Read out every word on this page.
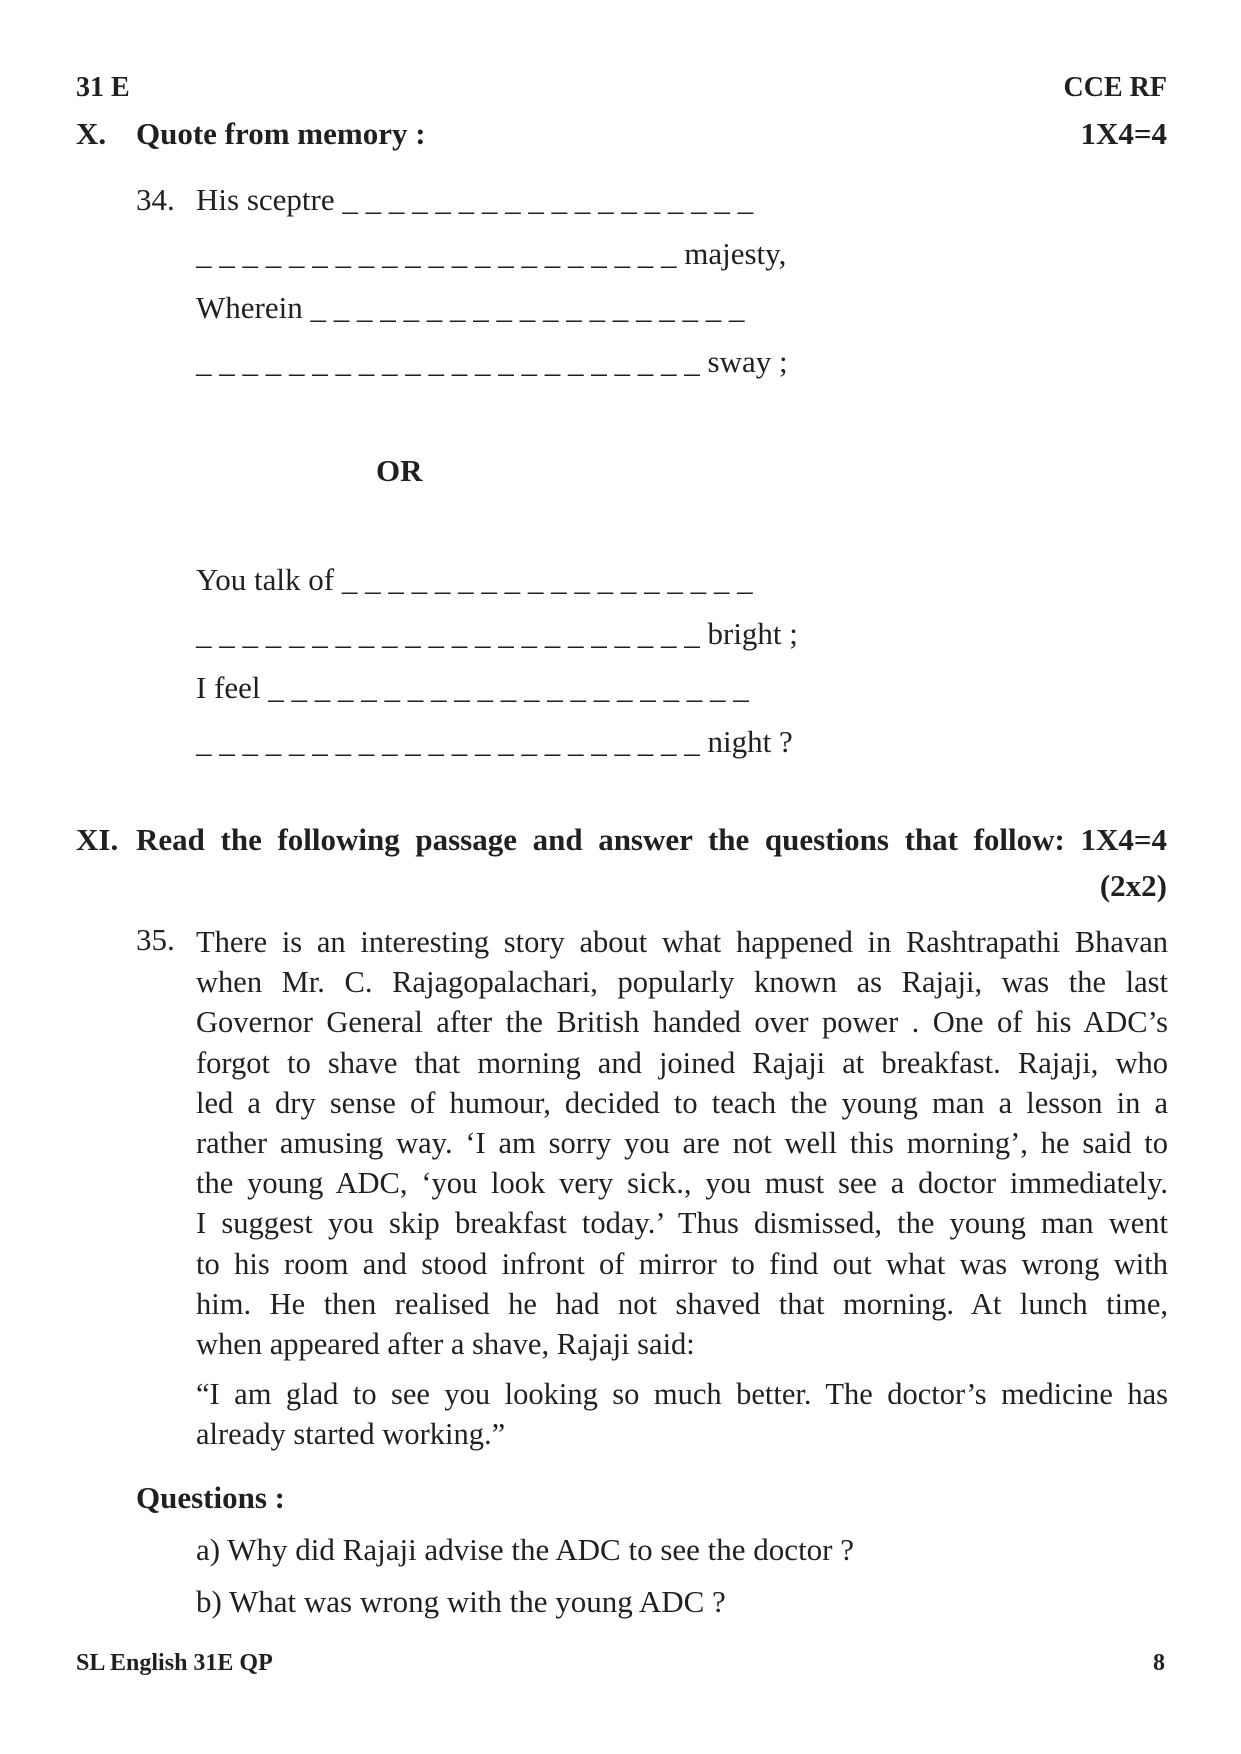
31 E	CCE RF
X. Quote from memory :	1X4=4
34. His sceptre _ _ _ _ _ _ _ _ _ _ _ _ _ _ _ _ _ _
_ _ _ _ _ _ _ _ _ _ _ _ _ _ _ _ _ _ _ _ _ majesty,
Wherein _ _ _ _ _ _ _ _ _ _ _ _ _ _ _ _ _ _ _
_ _ _ _ _ _ _ _ _ _ _ _ _ _ _ _ _ _ _ _ _ _ sway ;
OR
You talk of _ _ _ _ _ _ _ _ _ _ _ _ _ _ _ _ _ _
_ _ _ _ _ _ _ _ _ _ _ _ _ _ _ _ _ _ _ _ _ _ bright ;
I feel _ _ _ _ _ _ _ _ _ _ _ _ _ _ _ _ _ _ _ _ _
_ _ _ _ _ _ _ _ _ _ _ _ _ _ _ _ _ _ _ _ _ _ night ?
XI. Read the following passage and answer the questions that follow: 1X4=4
(2x2)
35. There is an interesting story about what happened in Rashtrapathi Bhavan
when Mr. C. Rajagopalachari, popularly known as Rajaji, was the last
Governor General after the British handed over power . One of his ADC’s
forgot to shave that morning and joined Rajaji at breakfast. Rajaji, who
led a dry sense of humour, decided to teach the young man a lesson in a
rather amusing way. ‘I am sorry you are not well this morning’, he said to
the young ADC, ‘you look very sick., you must see a doctor immediately.
I suggest you skip breakfast today.’ Thus dismissed, the young man went
to his room and stood infront of mirror to find out what was wrong with
him. He then realised he had not shaved that morning. At lunch time,
when appeared after a shave, Rajaji said:
“I am glad to see you looking so much better. The doctor’s medicine has
already started working.”
Questions :
a) Why did Rajaji advise the ADC to see the doctor ?
b) What was wrong with the young ADC ?
SL English 31E QP	8
